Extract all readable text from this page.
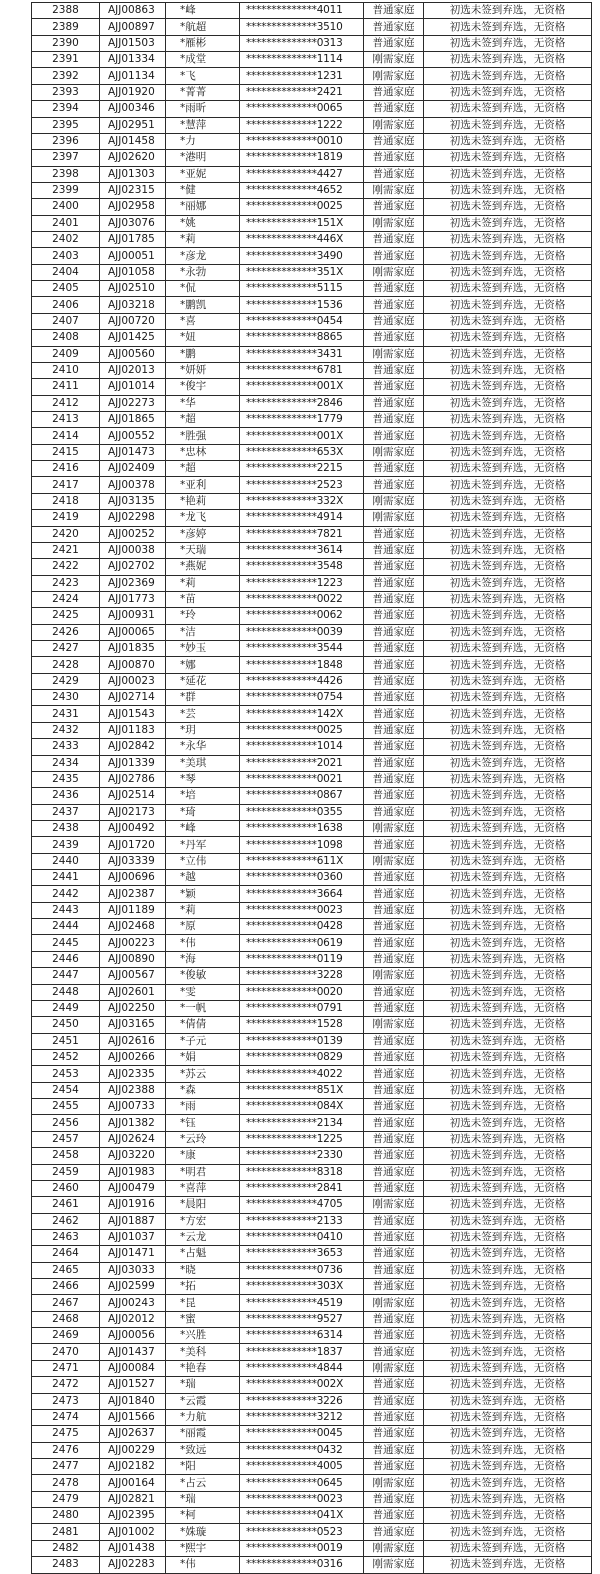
2388	AJJ00863	*峰	**************4011	普通家庭	初选未签到弃选，无资格
2389	AJJ00897	*航超	**************3510	普通家庭	初选未签到弃选，无资格
2390	AJJ01503	*雁彬	**************0313	普通家庭	初选未签到弃选，无资格
2391	AJJ01334	*成堂	**************1114	刚需家庭	初选未签到弃选，无资格
2392	AJJ01134	*飞	**************1231	刚需家庭	初选未签到弃选，无资格
2393	AJJ01920	*菁菁	**************2421	普通家庭	初选未签到弃选，无资格
2394	AJJ00346	*雨昕	**************0065	普通家庭	初选未签到弃选，无资格
2395	AJJ02951	*慧萍	**************1222	刚需家庭	初选未签到弃选，无资格
2396	AJJ01458	*力	**************0010	普通家庭	初选未签到弃选，无资格
2397	AJJ02620	*港明	**************1819	普通家庭	初选未签到弃选，无资格
2398	AJJ01303	*亚妮	**************4427	普通家庭	初选未签到弃选，无资格
2399	AJJ02315	*健	**************4652	刚需家庭	初选未签到弃选，无资格
2400	AJJ02958	*丽娜	**************0025	普通家庭	初选未签到弃选，无资格
2401	AJJ03076	*姚	**************151X	刚需家庭	初选未签到弃选，无资格
2402	AJJ01785	*莉	**************446X	普通家庭	初选未签到弃选，无资格
2403	AJJ00051	*彦龙	**************3490	普通家庭	初选未签到弃选，无资格
2404	AJJ01058	*永勃	**************351X	刚需家庭	初选未签到弃选，无资格
2405	AJJ02510	*侃	**************5115	普通家庭	初选未签到弃选，无资格
2406	AJJ03218	*鹏凯	**************1536	普通家庭	初选未签到弃选，无资格
2407	AJJ00720	*喜	**************0454	普通家庭	初选未签到弃选，无资格
2408	AJJ01425	*妞	**************8865	普通家庭	初选未签到弃选，无资格
2409	AJJ00560	*鹏	**************3431	刚需家庭	初选未签到弃选，无资格
2410	AJJ02013	*妍妍	**************6781	普通家庭	初选未签到弃选，无资格
2411	AJJ01014	*俊宇	**************001X	普通家庭	初选未签到弃选，无资格
2412	AJJ02273	*华	**************2846	普通家庭	初选未签到弃选，无资格
2413	AJJ01865	*超	**************1779	普通家庭	初选未签到弃选，无资格
2414	AJJ00552	*胜强	**************001X	普通家庭	初选未签到弃选，无资格
2415	AJJ01473	*忠林	**************653X	刚需家庭	初选未签到弃选，无资格
2416	AJJ02409	*超	**************2215	普通家庭	初选未签到弃选，无资格
2417	AJJ00378	*亚利	**************2523	普通家庭	初选未签到弃选，无资格
2418	AJJ03135	*艳莉	**************332X	刚需家庭	初选未签到弃选，无资格
2419	AJJ02298	*龙飞	**************4914	刚需家庭	初选未签到弃选，无资格
2420	AJJ00252	*彦婷	**************7821	普通家庭	初选未签到弃选，无资格
2421	AJJ00038	*天瑞	**************3614	普通家庭	初选未签到弃选，无资格
2422	AJJ02702	*燕妮	**************3548	普通家庭	初选未签到弃选，无资格
2423	AJJ02369	*莉	**************1223	普通家庭	初选未签到弃选，无资格
2424	AJJ01773	*苗	**************0022	普通家庭	初选未签到弃选，无资格
2425	AJJ00931	*玲	**************0062	普通家庭	初选未签到弃选，无资格
2426	AJJ00065	*洁	**************0039	普通家庭	初选未签到弃选，无资格
2427	AJJ01835	*妙玉	**************3544	普通家庭	初选未签到弃选，无资格
2428	AJJ00870	*娜	**************1848	普通家庭	初选未签到弃选，无资格
2429	AJJ00023	*延花	**************4426	普通家庭	初选未签到弃选，无资格
2430	AJJ02714	*群	**************0754	普通家庭	初选未签到弃选，无资格
2431	AJJ01543	*芸	**************142X	普通家庭	初选未签到弃选，无资格
2432	AJJ01183	*玥	**************0025	普通家庭	初选未签到弃选，无资格
2433	AJJ02842	*永华	**************1014	普通家庭	初选未签到弃选，无资格
2434	AJJ01339	*美琪	**************2021	普通家庭	初选未签到弃选，无资格
2435	AJJ02786	*琴	**************0021	普通家庭	初选未签到弃选，无资格
2436	AJJ02514	*培	**************0867	普通家庭	初选未签到弃选，无资格
2437	AJJ02173	*琦	**************0355	普通家庭	初选未签到弃选，无资格
2438	AJJ00492	*峰	**************1638	刚需家庭	初选未签到弃选，无资格
2439	AJJ01720	*丹军	**************1098	普通家庭	初选未签到弃选，无资格
2440	AJJ03339	*立伟	**************611X	刚需家庭	初选未签到弃选，无资格
2441	AJJ00696	*越	**************0360	普通家庭	初选未签到弃选，无资格
2442	AJJ02387	*颖	**************3664	普通家庭	初选未签到弃选，无资格
2443	AJJ01189	*莉	**************0023	普通家庭	初选未签到弃选，无资格
2444	AJJ02468	*原	**************0428	普通家庭	初选未签到弃选，无资格
2445	AJJ00223	*伟	**************0619	普通家庭	初选未签到弃选，无资格
2446	AJJ00890	*海	**************0119	普通家庭	初选未签到弃选，无资格
2447	AJJ00567	*俊敏	**************3228	刚需家庭	初选未签到弃选，无资格
2448	AJJ02601	*雯	**************0020	普通家庭	初选未签到弃选，无资格
2449	AJJ02250	*一帆	**************0791	普通家庭	初选未签到弃选，无资格
2450	AJJ03165	*倩倩	**************1528	刚需家庭	初选未签到弃选，无资格
2451	AJJ02616	*子元	**************0139	普通家庭	初选未签到弃选，无资格
2452	AJJ00266	*娟	**************0829	普通家庭	初选未签到弃选，无资格
2453	AJJ02335	*苏云	**************4022	普通家庭	初选未签到弃选，无资格
2454	AJJ02388	*森	**************851X	普通家庭	初选未签到弃选，无资格
2455	AJJ00733	*雨	**************084X	普通家庭	初选未签到弃选，无资格
2456	AJJ01382	*钰	**************2134	普通家庭	初选未签到弃选，无资格
2457	AJJ02624	*云玲	**************1225	普通家庭	初选未签到弃选，无资格
2458	AJJ03220	*康	**************2330	普通家庭	初选未签到弃选，无资格
2459	AJJ01983	*明君	**************8318	普通家庭	初选未签到弃选，无资格
2460	AJJ00479	*喜萍	**************2841	普通家庭	初选未签到弃选，无资格
2461	AJJ01916	*晨阳	**************4705	刚需家庭	初选未签到弃选，无资格
2462	AJJ01887	*方宏	**************2133	普通家庭	初选未签到弃选，无资格
2463	AJJ01037	*云龙	**************0410	普通家庭	初选未签到弃选，无资格
2464	AJJ01471	*占魁	**************3653	普通家庭	初选未签到弃选，无资格
2465	AJJ03033	*晓	**************0736	普通家庭	初选未签到弃选，无资格
2466	AJJ02599	*拓	**************303X	普通家庭	初选未签到弃选，无资格
2467	AJJ00243	*昆	**************4519	刚需家庭	初选未签到弃选，无资格
2468	AJJ02012	*蜜	**************9527	普通家庭	初选未签到弃选，无资格
2469	AJJ00056	*兴胜	**************6314	普通家庭	初选未签到弃选，无资格
2470	AJJ01437	*美科	**************1837	普通家庭	初选未签到弃选，无资格
2471	AJJ00084	*艳春	**************4844	刚需家庭	初选未签到弃选，无资格
2472	AJJ01527	*瑞	**************002X	普通家庭	初选未签到弃选，无资格
2473	AJJ01840	*云霞	**************3226	普通家庭	初选未签到弃选，无资格
2474	AJJ01566	*力航	**************3212	普通家庭	初选未签到弃选，无资格
2475	AJJ02637	*丽霞	**************0045	普通家庭	初选未签到弃选，无资格
2476	AJJ00229	*致远	**************0432	普通家庭	初选未签到弃选，无资格
2477	AJJ02182	*阳	**************4005	普通家庭	初选未签到弃选，无资格
2478	AJJ00164	*占云	**************0645	刚需家庭	初选未签到弃选，无资格
2479	AJJ02821	*瑞	**************0023	普通家庭	初选未签到弃选，无资格
2480	AJJ02395	*柯	**************041X	普通家庭	初选未签到弃选，无资格
2481	AJJ01002	*姝璇	**************0523	普通家庭	初选未签到弃选，无资格
2482	AJJ01438	*熙宇	**************0019	刚需家庭	初选未签到弃选，无资格
2483	AJJ02283	*伟	**************0316	刚需家庭	初选未签到弃选，无资格
